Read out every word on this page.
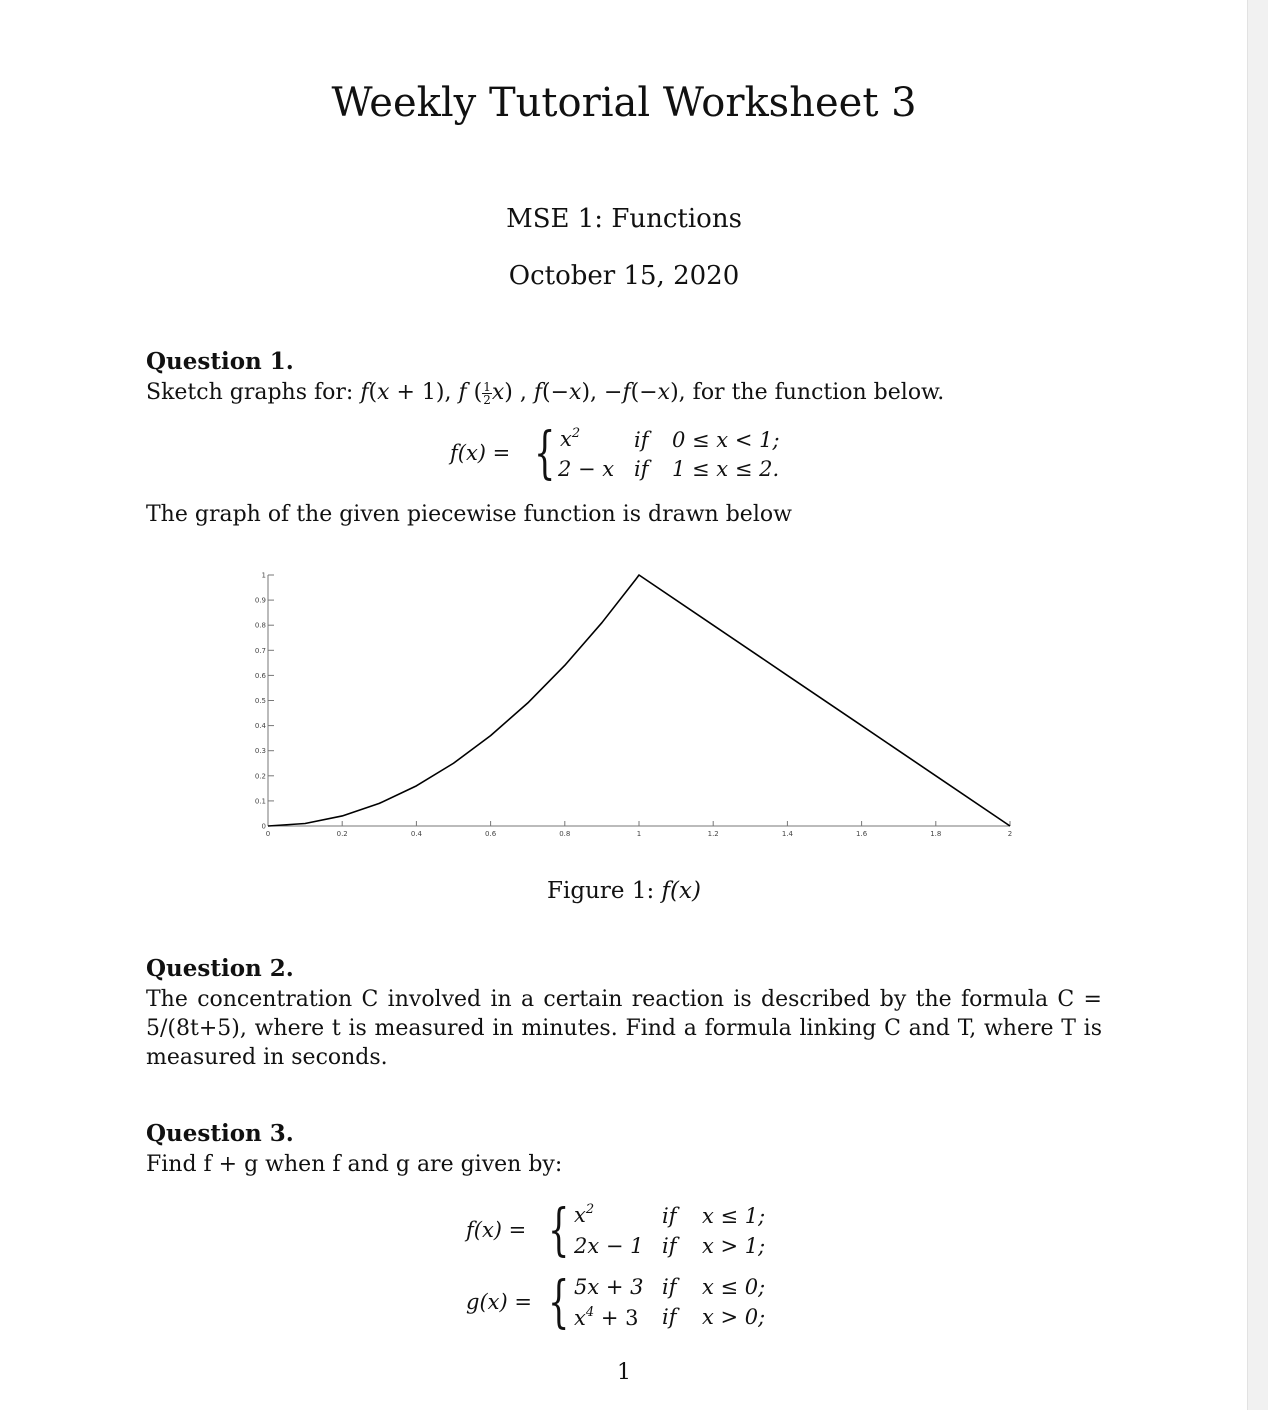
Weekly Tutorial Worksheet 3
MSE 1: Functions
October 15, 2020
Question 1.
Sketch graphs for: f(x + 1), f ( $\frac{1}{2} x$) , f(−x), −f(−x), for the function below.
f(x) = { $x^2$	if 0 ≤ x < 1;
2 − x if 1 ≤ x ≤ 2.
The graph of the given piecewise function is drawn below
0	0.2	0.4	0.6	0.8	1	1.2	1.4	1.6	1.8	2
0
0.1
0.2
0.3
0.4
0.5
0.6
0.7
0.8
0.9
1
Figure 1: f(x)
Question 2.
The concentration C involved in a certain reaction is described by the formula C = 5/(8t+5), where t is measured in minutes. Find a formula linking C and T, where T is measured in seconds.
Question 3.
Find f + g when f and g are given by:
f(x) = { $x^2$	if x ≤ 1;
2x − 1 if x > 1;
g(x) = { 5x + 3 if x ≤ 0;
$x^4 + 3$ if x > 0;
1
